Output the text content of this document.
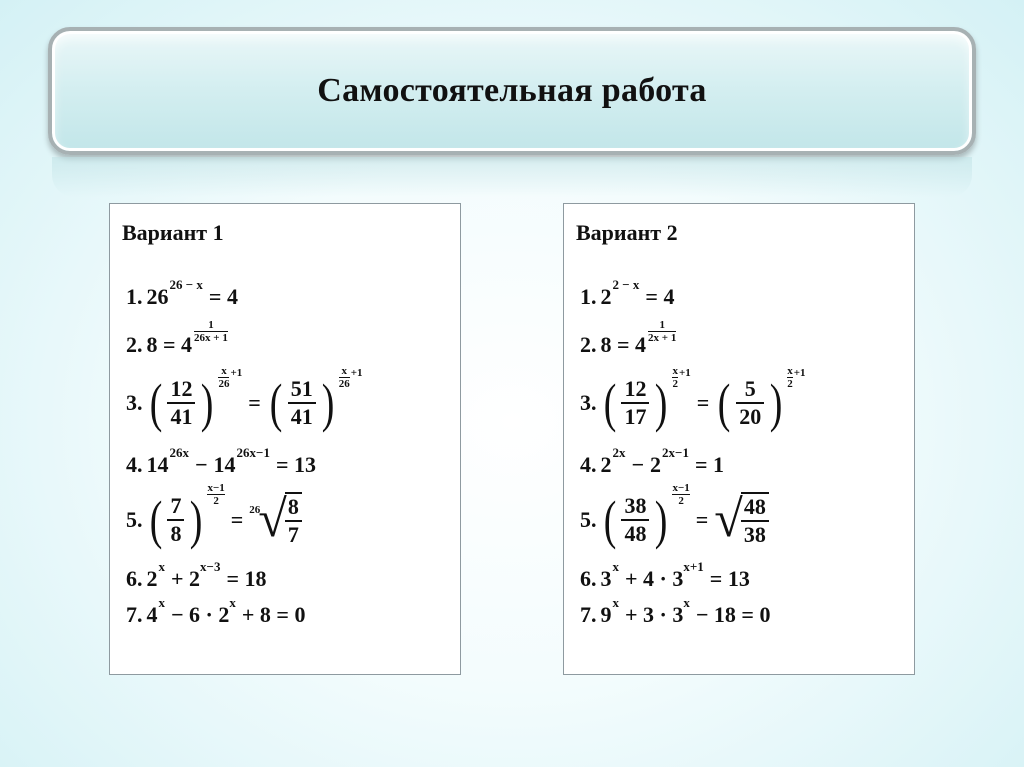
Самостоятельная работа
Вариант 1
1. 26 26 − x = 4
2. 8 = 4
$\frac{1}{26x + 1}$
3. ( $\frac{12}{41}$ ) $\frac{x}{26} +1$
= ( $\frac{51}{41}$ ) $\frac{x}{26} +1$
4. 14 26x − 14 26x−1 = 13
5. ( $\frac{7}{8}$ ) $\frac{x-1}{2}$
= 26
√
$\frac{8}{7}$
6. 2 x + 2 x−3 = 18
7. 4 x − 6 · 2 x + 8 = 0
Вариант 2
1. 2 2 − x = 4
2. 8 = 4
$\frac{1}{2x + 1}$
3. ( $\frac{12}{17}$ ) $\frac{x}{2} +1$
= ( $\frac{5}{20}$ ) $\frac{x}{2} +1$
4. 2 2x − 2 2x−1 = 1
5. ( $\frac{38}{48}$ ) $\frac{x-1}{2}$
= √
$\frac{48}{38}$
6. 3 x + 4 · 3 x+1 = 13
7. 9 x + 3 · 3 x − 18 = 0
